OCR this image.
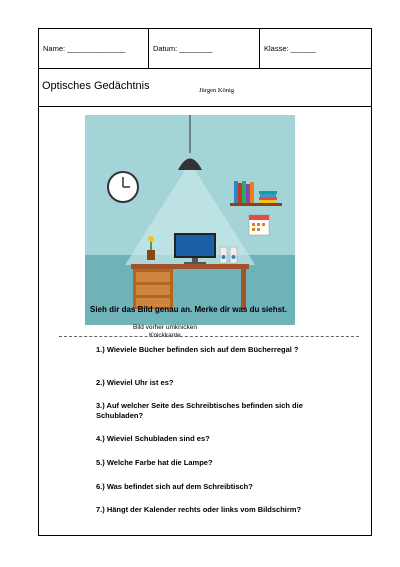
Name: ______________	Datum: ________	Klasse: ______
Optisches Gedächtnis	Jürgen König
Sieh dir das Bild genau an. Merke dir was du siehst.
Bild vorher umknicken
Knickkante
1.) Wieviele Bücher befinden sich auf dem Bücherregal ?
2.) Wieviel Uhr ist es?
3.) Auf welcher Seite des Schreibtisches befinden sich die Schubladen?
4.) Wieviel Schubladen sind es?
5.) Welche Farbe hat die Lampe?
6.) Was befindet sich auf dem Schreibtisch?
7.) Hängt der Kalender rechts oder links vom Bildschirm?
